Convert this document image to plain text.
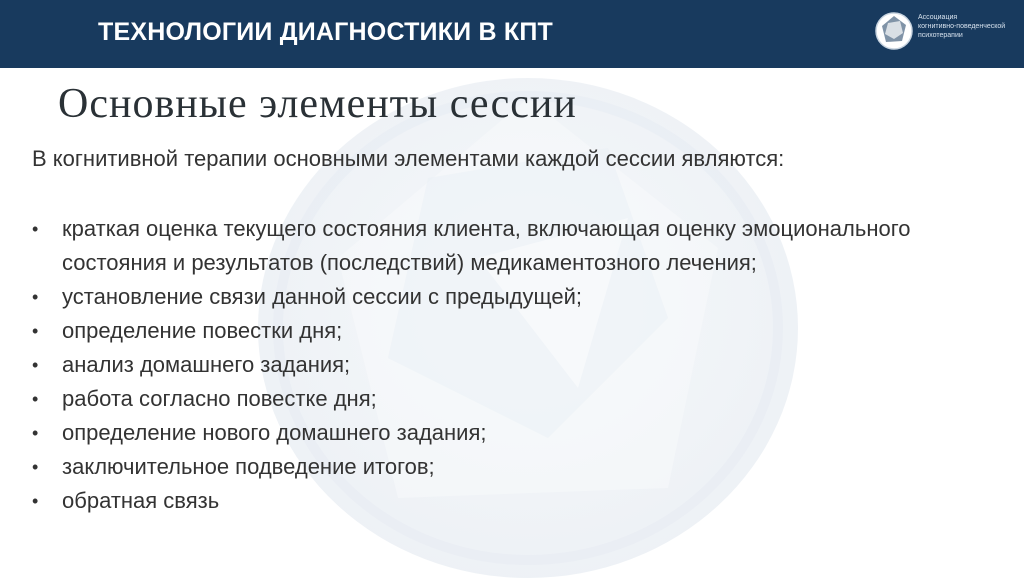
ТЕХНОЛОГИИ ДИАГНОСТИКИ В КПТ
Ассоциация
когнитивно-поведенческой
психотерапии
Основные элементы сессии
В когнитивной терапии основными элементами каждой сессии являются:
• краткая оценка текущего состояния клиента, включающая оценку эмоционального состояния и результатов (последствий) медикаментозного лечения;
• установление связи данной сессии с предыдущей;
• определение повестки дня;
• анализ домашнего задания;
• работа согласно повестке дня;
• определение нового домашнего задания;
• заключительное подведение итогов;
• обратная связь
